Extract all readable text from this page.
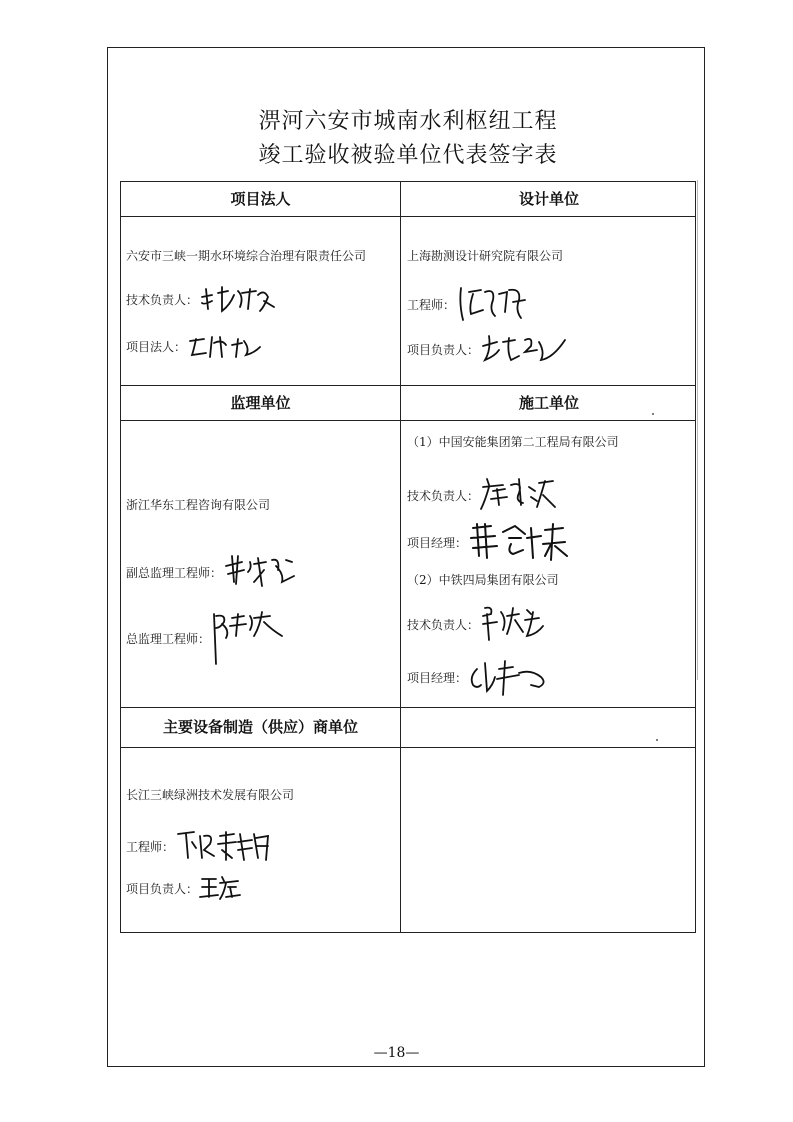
淠河六安市城南水利枢纽工程
竣工验收被验单位代表签字表
项目法人	设计单位
监理单位	施工单位
主要设备制造（供应）商单位
六安市三峡一期水环境综合治理有限责任公司
技术负责人：
项目法人：
上海勘测设计研究院有限公司
工程师：
项目负责人：
浙江华东工程咨询有限公司
副总监理工程师：
总监理工程师：
（1）中国安能集团第二工程局有限公司
技术负责人：
项目经理：
（2）中铁四局集团有限公司
技术负责人：
项目经理：
长江三峡绿洲技术发展有限公司
工程师：
项目负责人：
—18—
